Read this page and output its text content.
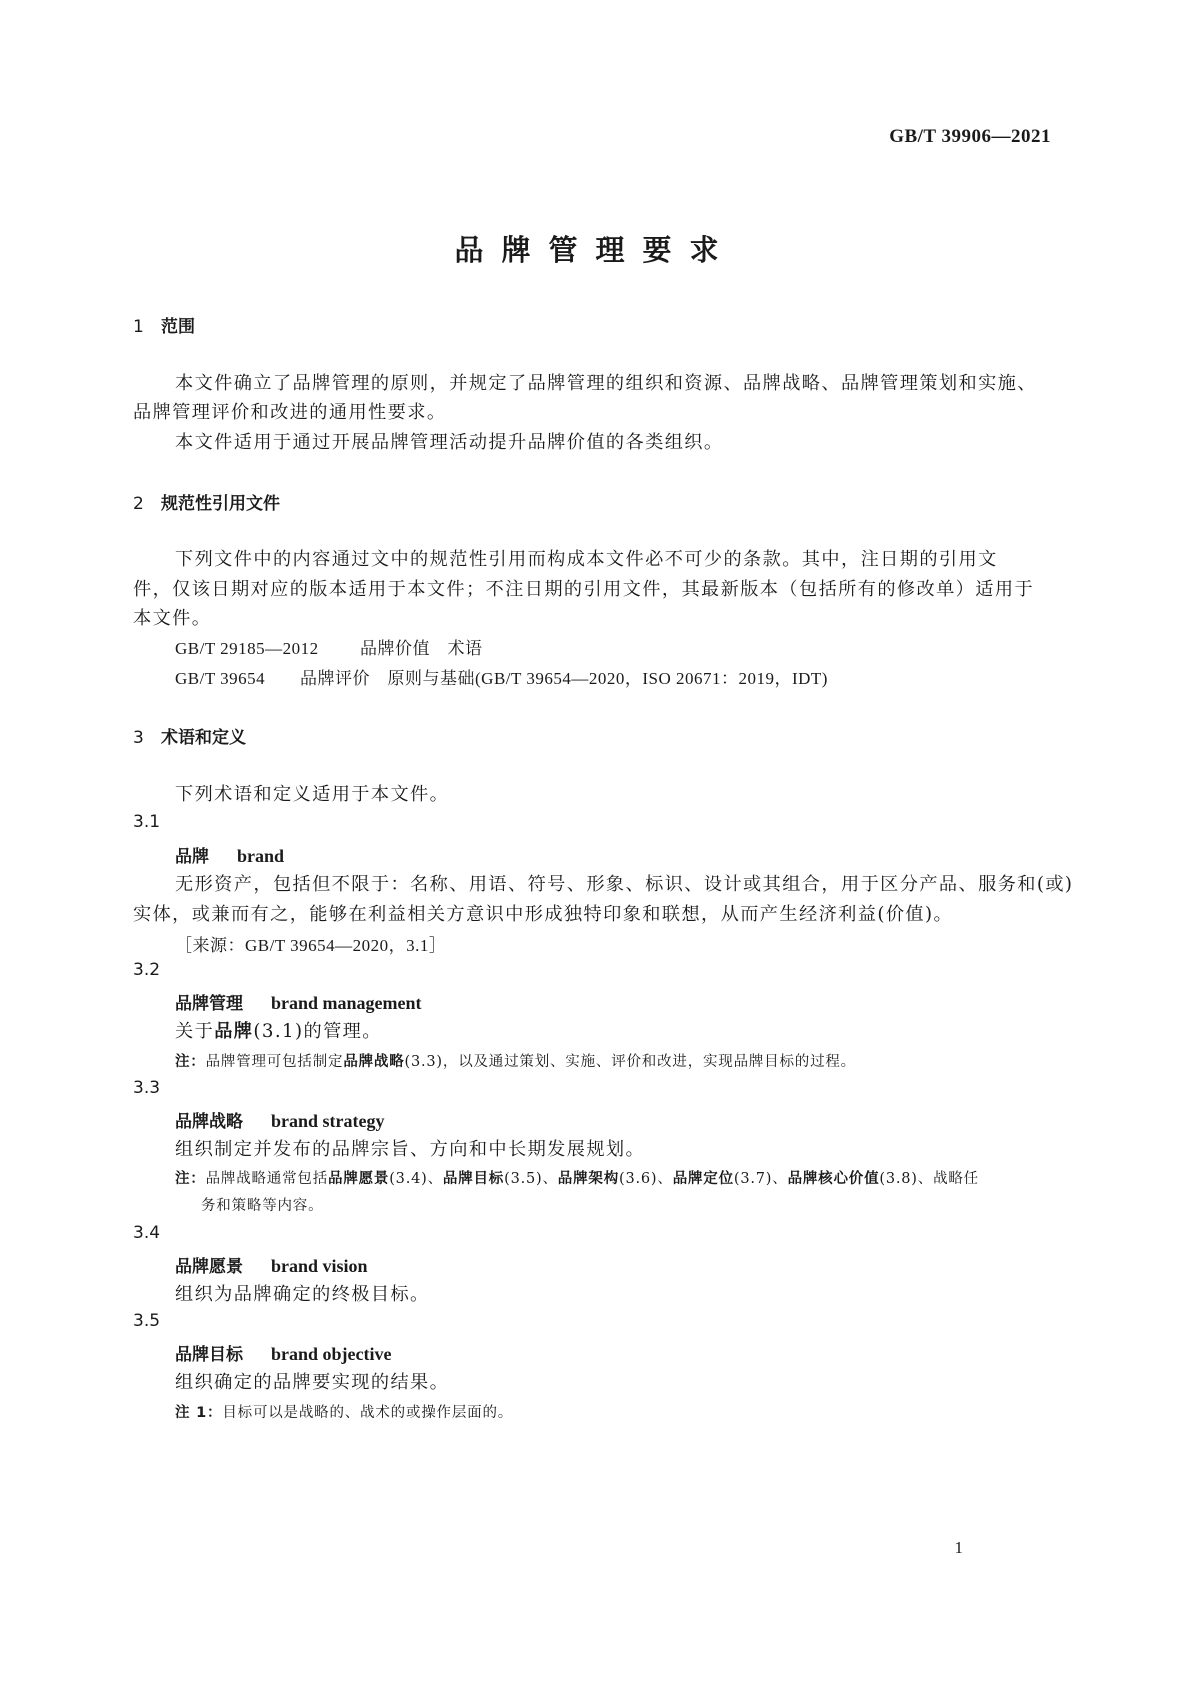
GB/T 39906—2021
品牌管理要求
1 范围
本文件确立了品牌管理的原则，并规定了品牌管理的组织和资源、品牌战略、品牌管理策划和实施、
品牌管理评价和改进的通用性要求。
本文件适用于通过开展品牌管理活动提升品牌价值的各类组织。
2 规范性引用文件
下列文件中的内容通过文中的规范性引用而构成本文件必不可少的条款。其中，注日期的引用文
件，仅该日期对应的版本适用于本文件；不注日期的引用文件，其最新版本（包括所有的修改单）适用于
本文件。
GB/T 29185—2012 品牌价值　术语
GB/T 39654 品牌评价　原则与基础(GB/T 39654—2020，ISO 20671：2019，IDT)
3 术语和定义
下列术语和定义适用于本文件。
3.1
品牌 brand
无形资产，包括但不限于：名称、用语、符号、形象、标识、设计或其组合，用于区分产品、服务和(或)
实体，或兼而有之，能够在利益相关方意识中形成独特印象和联想，从而产生经济利益(价值)。
［来源：GB/T 39654—2020，3.1］
3.2
品牌管理 brand management
关于品牌(3.1)的管理。
注：品牌管理可包括制定品牌战略(3.3)，以及通过策划、实施、评价和改进，实现品牌目标的过程。
3.3
品牌战略 brand strategy
组织制定并发布的品牌宗旨、方向和中长期发展规划。
注：品牌战略通常包括品牌愿景(3.4)、品牌目标(3.5)、品牌架构(3.6)、品牌定位(3.7)、品牌核心价值(3.8)、战略任
务和策略等内容。
3.4
品牌愿景 brand vision
组织为品牌确定的终极目标。
3.5
品牌目标 brand objective
组织确定的品牌要实现的结果。
注 1：目标可以是战略的、战术的或操作层面的。
1
